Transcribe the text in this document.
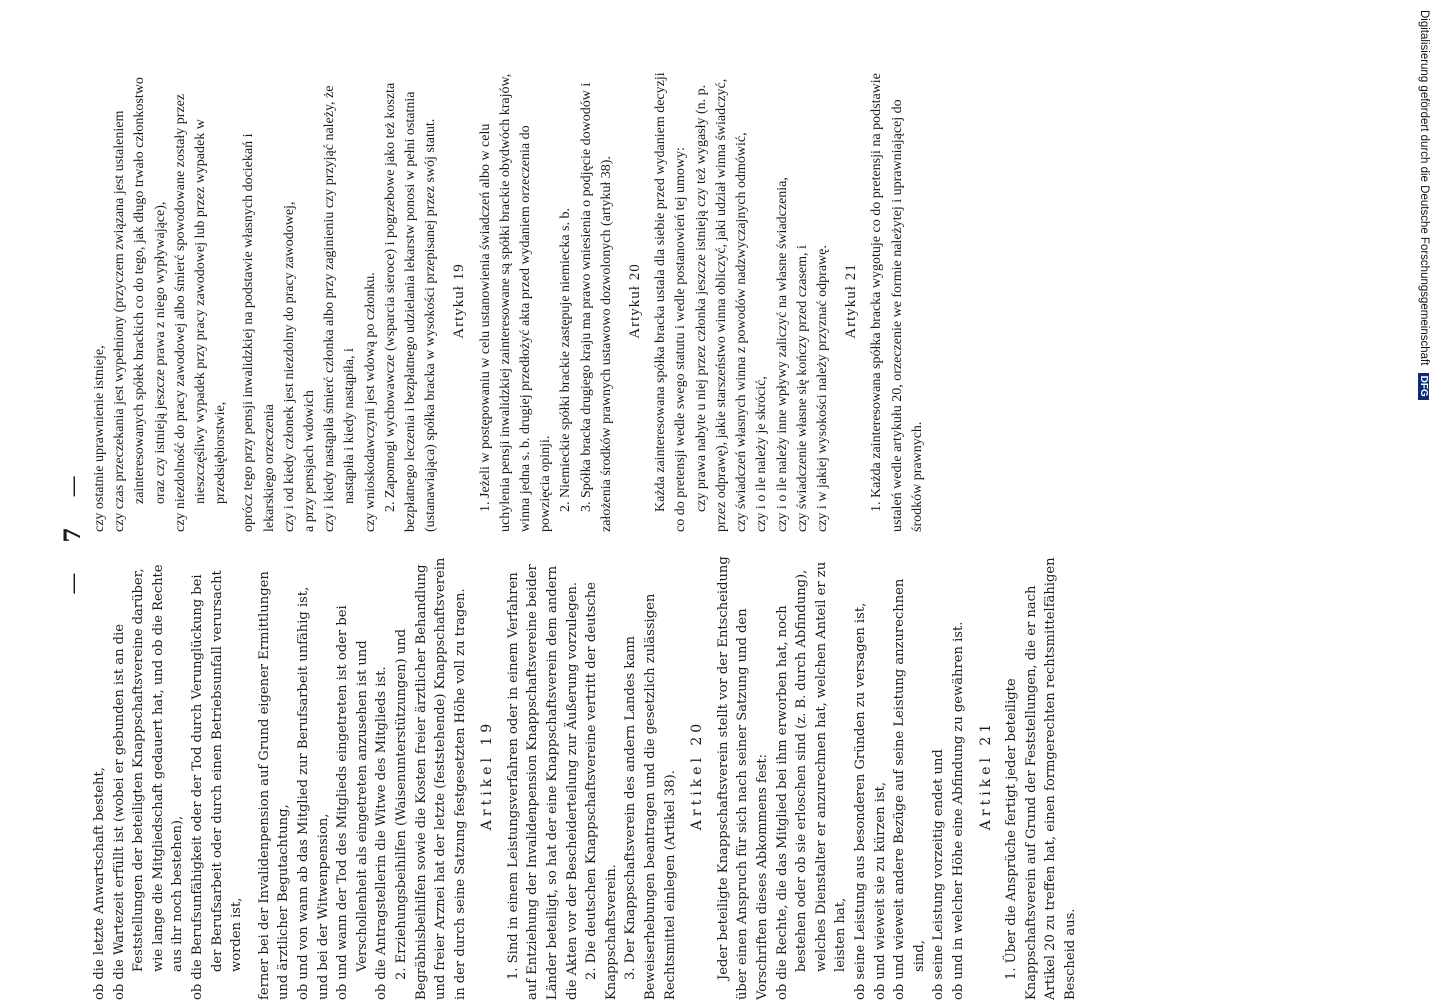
—7—
ob die letzte Anwartschaft besteht, ob die Wartezeit erfüllt ist (wobei er gebunden ist an die Feststellungen der beteiligten Knappschaftsvereine darüber, wie lange die Mitgliedschaft gedauert hat, und ob die Rechte aus ihr noch bestehen), ob die Berufsunfähigkeit oder der Tod durch Verunglückung bei der Berufsarbeit oder durch einen Betriebsunfall verursacht worden ist, ferner bei der Invalidenpension auf Grund eigener Ermittlungen und ärztlicher Begutachtung, ob und von wann ab das Mitglied zur Berufsarbeit unfähig ist, und bei der Witwenpension, ob und wann der Tod des Mitglieds eingetreten ist oder bei Verschollenheit als eingetreten anzusehen ist und ob die Antragstellerin die Witwe des Mitglieds ist. 2. Erziehungsbeihilfen (Waisenunterstützungen) und Begräbnisbeihilfen sowie die Kosten freier ärztlicher Behandlung und freier Arznei hat der letzte (feststehende) Knappschaftsverein in der durch seine Satzung festgesetzten Höhe voll zu tragen. Artikel 19 1. Sind in einem Leistungsverfahren oder in einem Verfahren auf Entziehung der Invalidenpension Knappschaftsvereine beider Länder beteiligt, so hat der eine Knappschaftsverein dem andern die Akten vor der Bescheiderteilung zur Äußerung vorzulegen. 2. Die deutschen Knappschaftsvereine vertritt der deutsche Knappschaftsverein. 3. Der Knappschaftsverein des andern Landes kann Beweiserhebungen beantragen und die gesetzlich zulässigen Rechtsmittel einlegen (Artikel 38). Artikel 20 Jeder beteiligte Knappschaftsverein stellt vor der Entscheidung über einen Anspruch für sich nach seiner Satzung und den Vorschriften dieses Abkommens fest: ob die Rechte, die das Mitglied bei ihm erworben hat, noch bestehen oder ob sie erloschen sind (z. B. durch Abfindung), welches Dienstalter er anzurechnen hat, welchen Anteil er zu leisten hat, ob seine Leistung aus besonderen Gründen zu versagen ist, ob und wieweit sie zu kürzen ist, ob und wieweit andere Bezüge auf seine Leistung anzurechnen sind, ob seine Leistung vorzeitig endet und ob und in welcher Höhe eine Abfindung zu gewähren ist. Artikel 21 1. Über die Ansprüche fertigt jeder beteiligte Knappschaftsverein auf Grund der Feststellungen, die er nach Artikel 20 zu treffen hat, einen formgerechten rechtsmittelfähigen Bescheid aus.
czy ostatnie uprawnienie istnieje, czy czas przeczekania jest wypełniony (przyczem związana jest ustaleniem zainteresowanych spółek brackich co do tego, jak długo trwało członkostwo oraz czy istnieją jeszcze prawa z niego wypływające), czy niezdolność do pracy zawodowej albo śmierć spowodowane zostały przez nieszczęśliwy wypadek przy pracy zawodowej lub przez wypadek w przedsiębiorstwie, oprócz tego przy pensji inwalidzkiej na podstawie własnych dociekań i lekarskiego orzeczenia czy i od kiedy członek jest niezdolny do pracy zawodowej, a przy pensjach wdowich czy i kiedy nastąpiła śmierć członka albo przy zaginieniu czy przyjąć należy, że nastąpiła i kiedy nastąpiła, i czy wnioskodawczyni jest wdową po członku. 2. Zapomogi wychowawcze (wsparcia sieroce) i pogrzebowe jako też koszta bezpłatnego leczenia i bezpłatnego udzielania lekarstw ponosi w pełni ostatnia (ustanawiająca) spółka bracka w wysokości przepisanej przez swój statut. Artykuł 19 1. Jeżeli w postępowaniu w celu ustanowienia świadczeń albo w celu uchylenia pensji inwalidzkiej zainteresowane są spółki brackie obydwóch krajów, winna jedna s. b. drugiej przedłożyć akta przed wydaniem orzeczenia do powzięcia opinji. 2. Niemieckie spółki brackie zastępuje niemiecka s. b. 3. Spółka bracka drugiego kraju ma prawo wniesienia o podjęcie dowodów i założenia środków prawnych ustawowo dozwolonych (artykuł 38). Artykuł 20 Każda zainteresowana spółka bracka ustala dla siebie przed wydaniem decyzji co do pretensji wedle swego statutu i wedle postanowień tej umowy: czy prawa nabyte u niej przez członka jeszcze istnieją czy też wygasły (n. p. przez odprawę), jakie starszeństwo winna obliczyć, jaki udział winna świadczyć, czy świadczeń własnych winna z powodów nadzwyczajnych odmówić, czy i o ile należy je skrócić, czy i o ile należy inne wpływy zaliczyć na własne świadczenia, czy świadczenie własne się kończy przed czasem, i czy i w jakiej wysokości należy przyznać odprawę. Artykuł 21 1. Każda zainteresowana spółka bracka wygotuje co do pretensji na podstawie ustaleń wedle artykułu 20, orzeczenie we formie należytej i uprawniającej do środków prawnych.
Digitalisierung gefördert durch die Deutsche Forschungsgemeinschaft DFG
